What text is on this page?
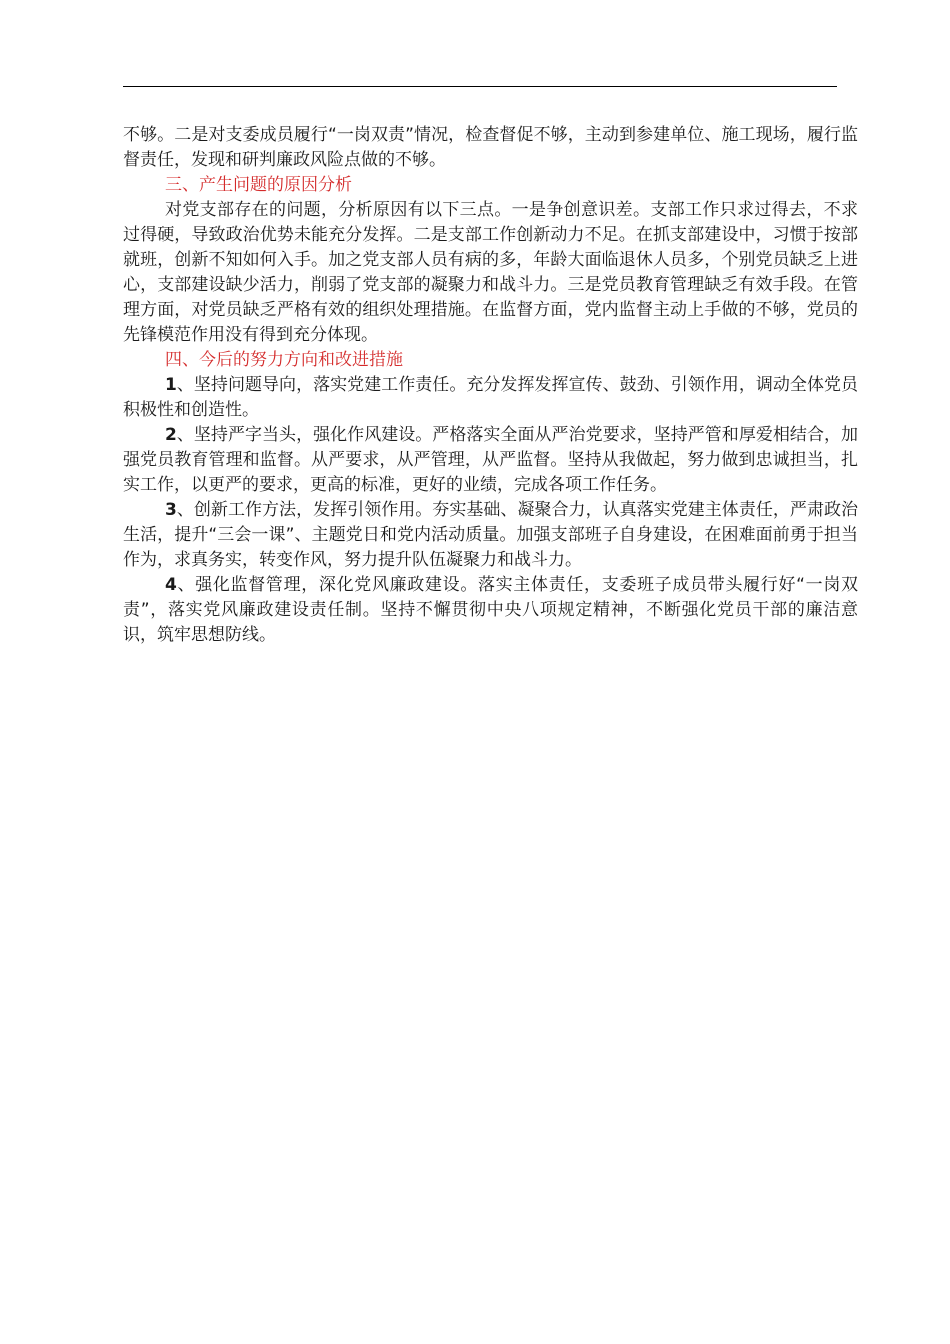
不够。二是对支委成员履行“一岗双责”情况，检查督促不够，主动到参建单位、施工现场，履行监督责任，发现和研判廉政风险点做的不够。

三、产生问题的原因分析

对党支部存在的问题，分析原因有以下三点。一是争创意识差。支部工作只求过得去，不求过得硬，导致政治优势未能充分发挥。二是支部工作创新动力不足。在抓支部建设中，习惯于按部就班，创新不知如何入手。加之党支部人员有病的多，年龄大面临退休人员多，个别党员缺乏上进心，支部建设缺少活力，削弱了党支部的凝聚力和战斗力。三是党员教育管理缺乏有效手段。在管理方面，对党员缺乏严格有效的组织处理措施。在监督方面，党内监督主动上手做的不够，党员的先锋模范作用没有得到充分体现。

四、今后的努力方向和改进措施

1、坚持问题导向，落实党建工作责任。充分发挥发挥宣传、鼓劲、引领作用，调动全体党员积极性和创造性。

2、坚持严字当头，强化作风建设。严格落实全面从严治党要求，坚持严管和厚爱相结合，加强党员教育管理和监督。从严要求，从严管理，从严监督。坚持从我做起，努力做到忠诚担当，扎实工作，以更严的要求，更高的标准，更好的业绩，完成各项工作任务。

3、创新工作方法，发挥引领作用。夯实基础、凝聚合力，认真落实党建主体责任，严肃政治生活，提升“三会一课”、主题党日和党内活动质量。加强支部班子自身建设，在困难面前勇于担当作为，求真务实，转变作风，努力提升队伍凝聚力和战斗力。

4、强化监督管理，深化党风廉政建设。落实主体责任，支委班子成员带头履行好“一岗双责”，落实党风廉政建设责任制。坚持不懈贯彻中央八项规定精神，不断强化党员干部的廉洁意识，筑牢思想防线。
